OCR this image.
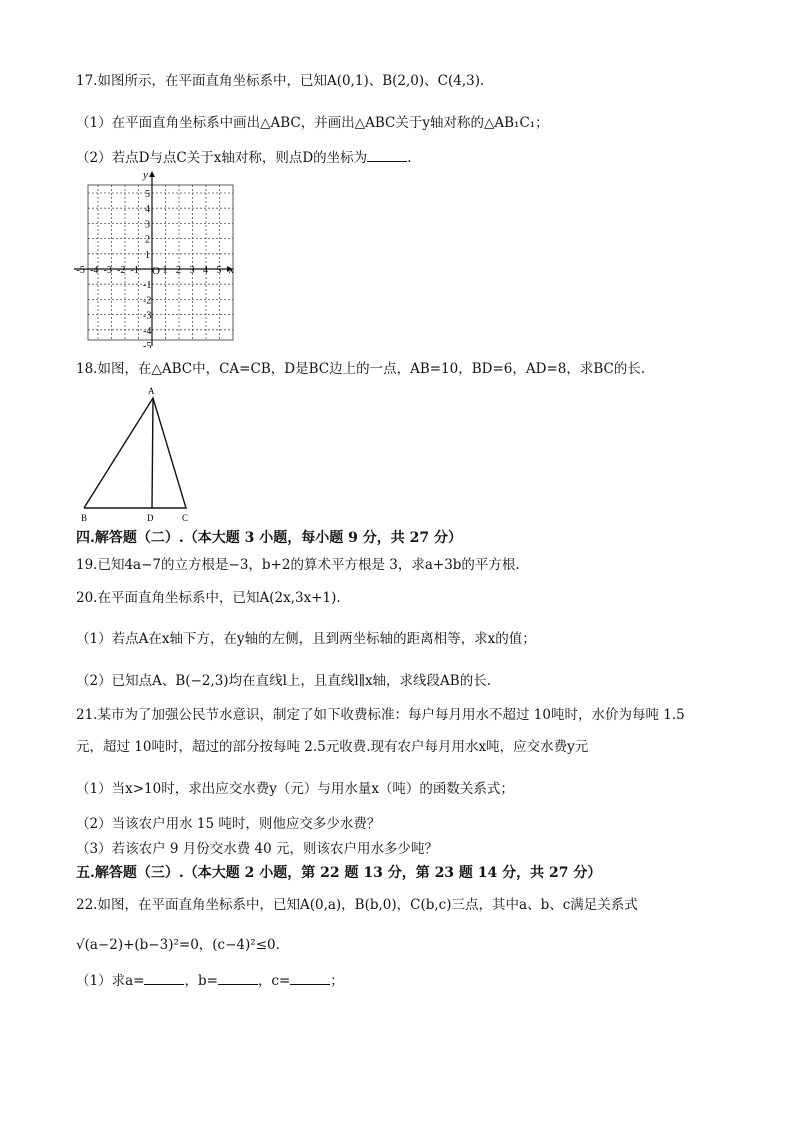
17.如图所示，在平面直角坐标系中，已知A(0,1)、B(2,0)、C(4,3).
（1）在平面直角坐标系中画出△ABC，并画出△ABC关于y轴对称的△AB₁C₁；
（2）若点D与点C关于x轴对称，则点D的坐标为	.
x
y
O
-5 -4 -3 -2 -1 1 2 3 4 5
5
4
3
2
1
-1
-2
-3
-4
-5
18.如图，在△ABC中，CA=CB，D是BC边上的一点，AB=10，BD=6，AD=8，求BC的长.
A
B	D	C
四.解答题（二）.（本大题 3 小题，每小题 9 分，共 27 分）
19.已知4a−7的立方根是−3，b+2的算术平方根是 3，求a+3b的平方根.
20.在平面直角坐标系中，已知A(2x,3x+1).
（1）若点A在x轴下方，在y轴的左侧，且到两坐标轴的距离相等，求x的值；
（2）已知点A、B(−2,3)均在直线l上，且直线l∥x轴，求线段AB的长.
21.某市为了加强公民节水意识，制定了如下收费标准：每户每月用水不超过 10吨时，水价为每吨 1.5
元，超过 10吨时，超过的部分按每吨 2.5元收费.现有农户每月用水x吨，应交水费y元
（1）当x>10时，求出应交水费y（元）与用水量x（吨）的函数关系式；
（2）当该农户用水 15 吨时，则他应交多少水费？
（3）若该农户 9 月份交水费 40 元，则该农户用水多少吨？
五.解答题（三）.（本大题 2 小题，第 22 题 13 分，第 23 题 14 分，共 27 分）
22.如图，在平面直角坐标系中，已知A(0,a)，B(b,0)，C(b,c)三点，其中a、b、c满足关系式
√(a−2)+(b−3)²=0，(c−4)²≤0.
（1）求a=	，b=	，c=	；
